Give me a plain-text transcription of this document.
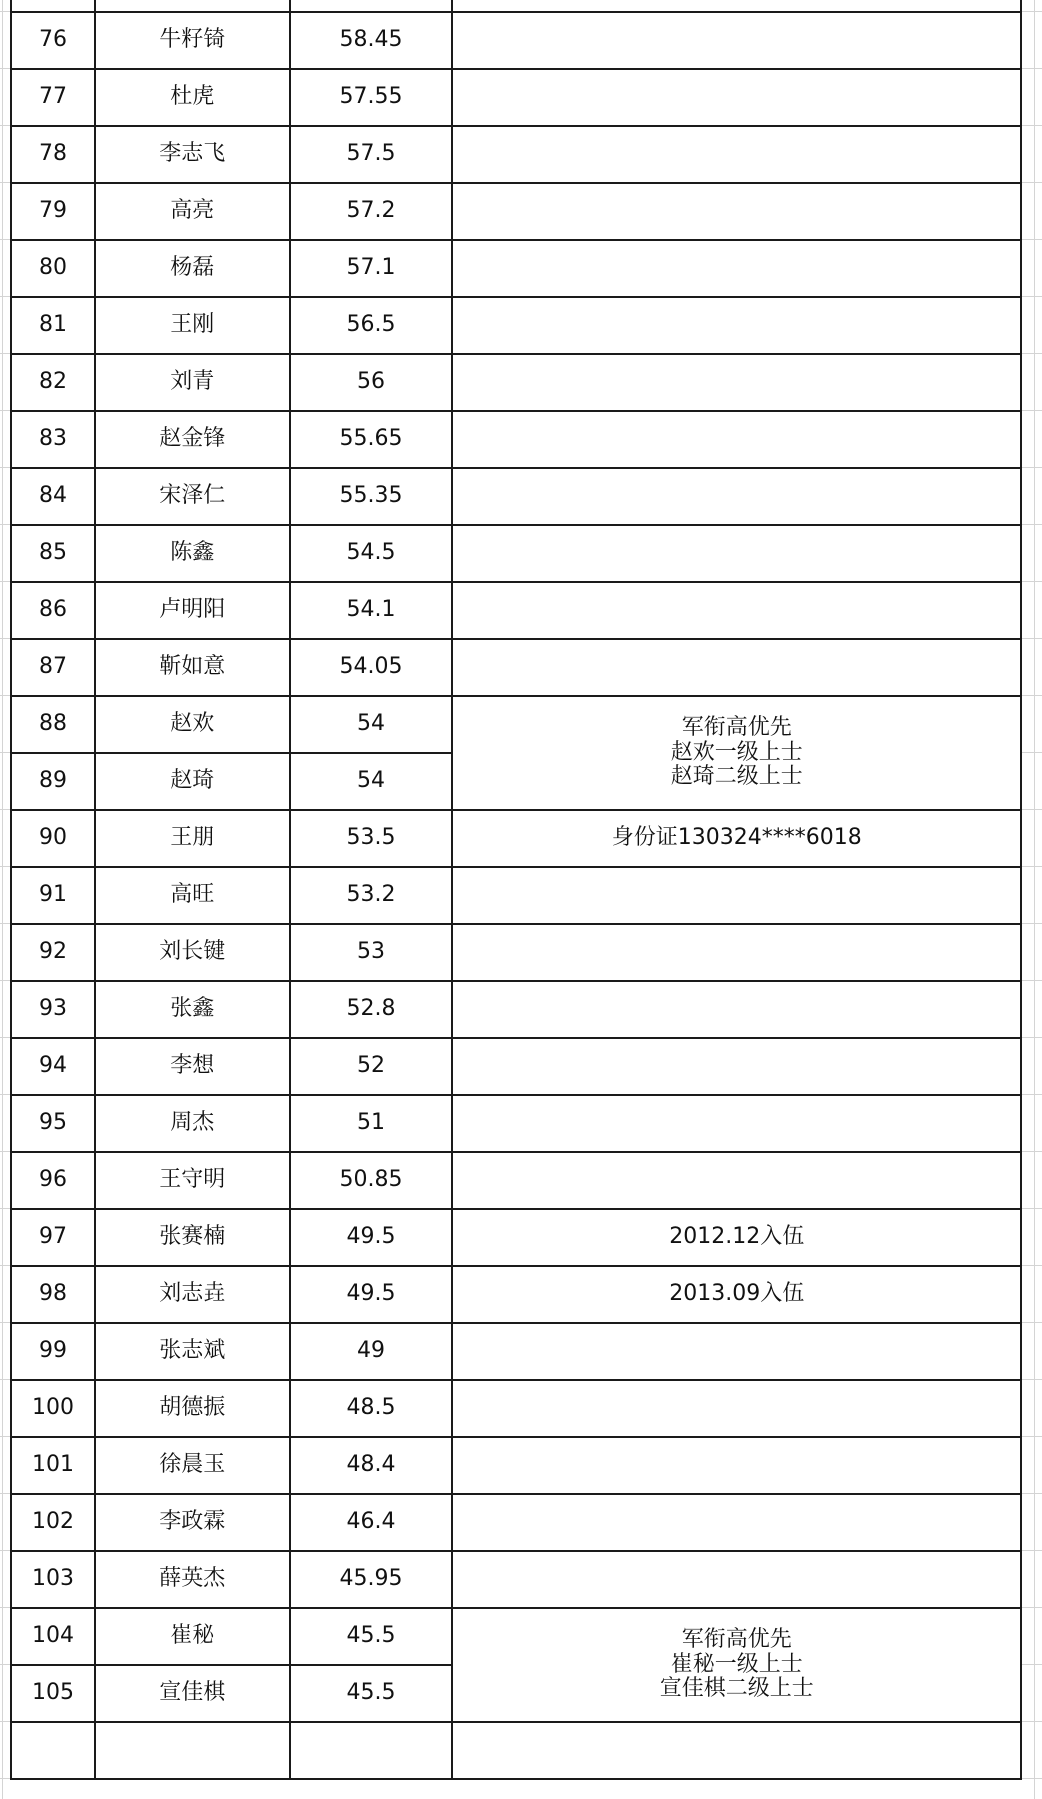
76	牛籽锜	58.45	
77	杜虎	57.55	
78	李志飞	57.5	
79	高亮	57.2	
80	杨磊	57.1	
81	王刚	56.5	
82	刘青	56	
83	赵金锋	55.65	
84	宋泽仁	55.35	
85	陈鑫	54.5	
86	卢明阳	54.1	
87	靳如意	54.05	
88	赵欢	54	军衔高优先
赵欢一级上士
赵琦二级上士

89	赵琦	54	
90	王朋	53.5	身份证130324****6018
91	高旺	53.2	
92	刘长键	53	
93	张鑫	52.8	
94	李想	52	
95	周杰	51	
96	王守明	50.85	
97	张赛楠	49.5	2012.12入伍
98	刘志垚	49.5	2013.09入伍
99	张志斌	49	
100	胡德振	48.5	
101	徐晨玉	48.4	
102	李政霖	46.4	
103	薛英杰	45.95	
104	崔秘	45.5	军衔高优先
崔秘一级上士
宣佳棋二级上士

105	宣佳棋	45.5	
